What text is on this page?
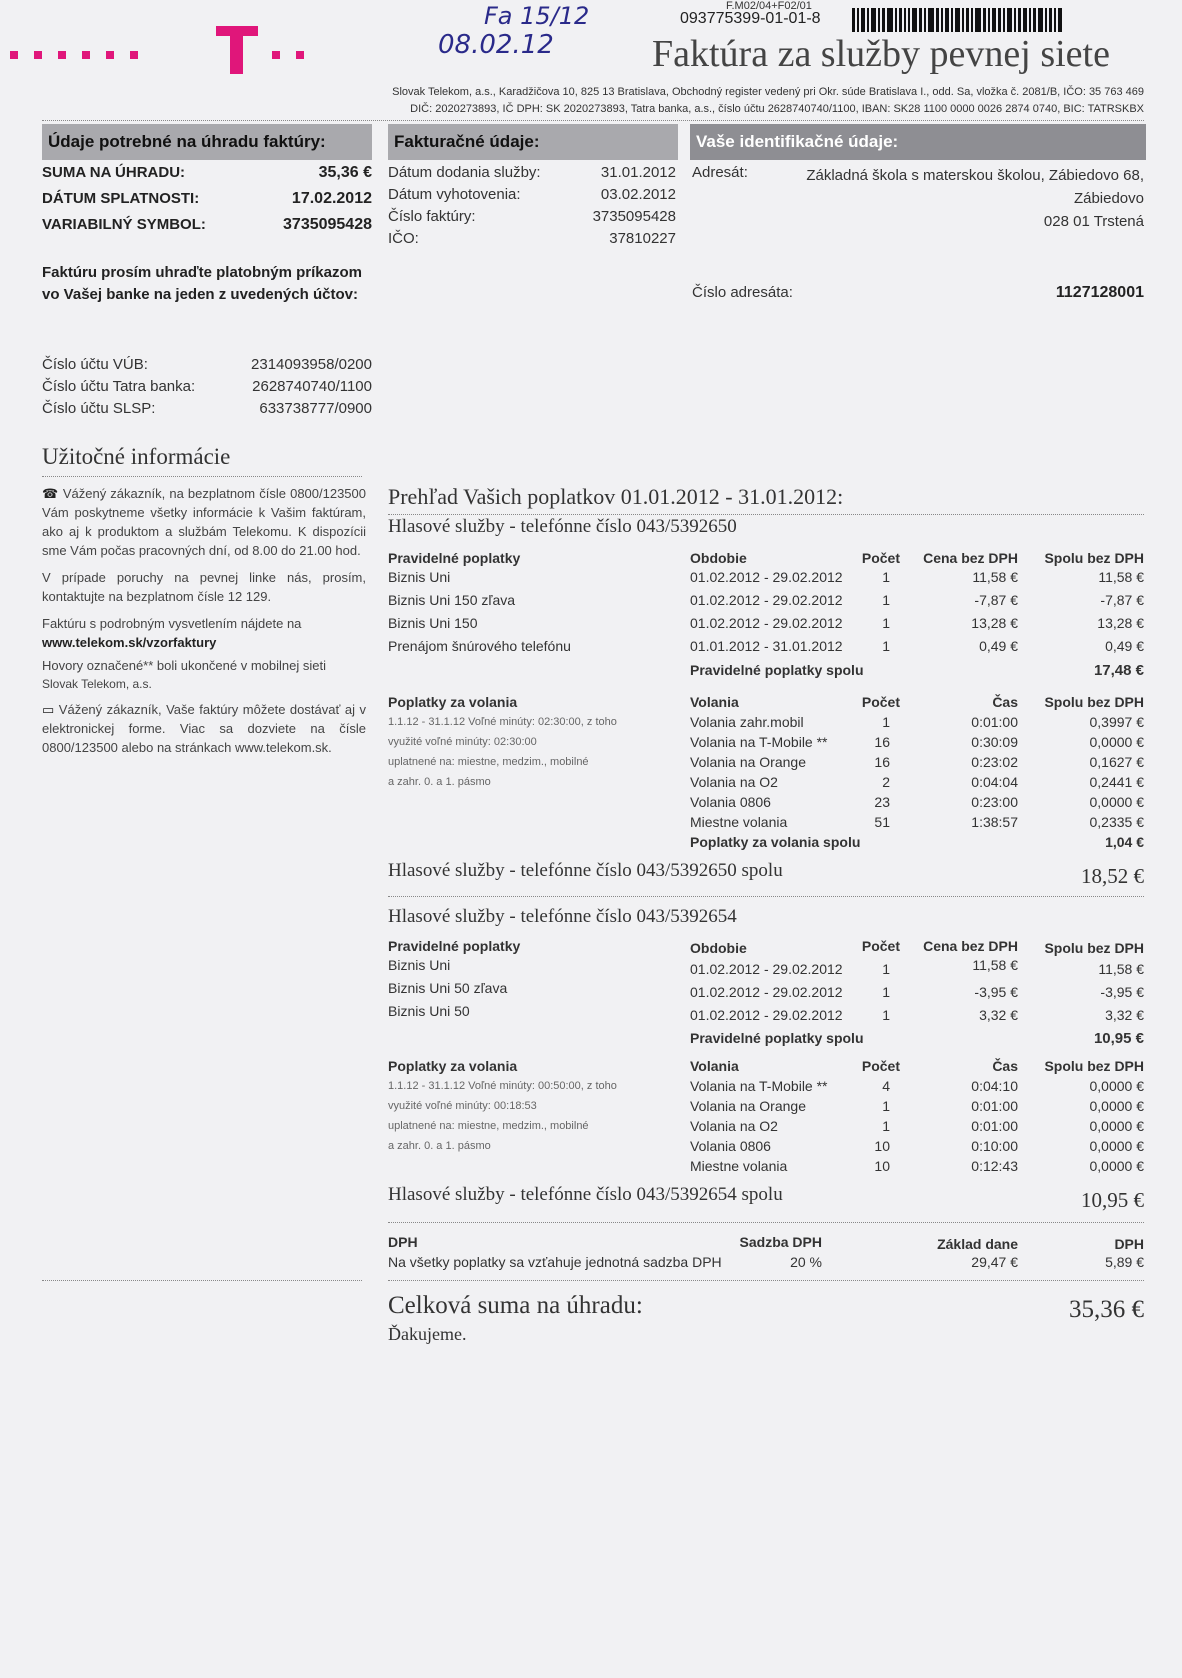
Fa 15/12
08.02.12
F.M02/04+F02/01
093775399-01-01-8
Faktúra za služby pevnej siete
Slovak Telekom, a.s., Karadžičova 10, 825 13 Bratislava, Obchodný register vedený pri Okr. súde Bratislava I., odd. Sa, vložka č. 2081/B, IČO: 35 763 469
DIČ: 2020273893, IČ DPH: SK 2020273893, Tatra banka, a.s., číslo účtu 2628740740/1100, IBAN: SK28 1100 0000 0026 2874 0740, BIC: TATRSKBX
Údaje potrebné na úhradu faktúry:	Fakturačné údaje:	Vaše identifikačné údaje:
SUMA NA ÚHRADU:	35,36 €
DÁTUM SPLATNOSTI:	17.02.2012
VARIABILNÝ SYMBOL:	3735095428
Faktúru prosím uhraďte platobným príkazom vo Vašej banke na jeden z uvedených účtov:
Číslo účtu VÚB:	2314093958/0200
Číslo účtu Tatra banka:	2628740740/1100
Číslo účtu SLSP:	633738777/0900
Dátum dodania služby:	31.01.2012
Dátum vyhotovenia:	03.02.2012
Číslo faktúry:	3735095428
IČO:	37810227
Adresát:	Základná škola s materskou školou, Zábiedovo 68,
Zábiedovo
028 01 Trstená
Číslo adresáta:	1127128001
Užitočné informácie
☎ Vážený zákazník, na bezplatnom čísle 0800/123500 Vám poskytneme všetky informácie k Vašim faktúram, ako aj k produktom a službám Telekomu. K dispozícii sme Vám počas pracovných dní, od 8.00 do 21.00 hod.
V prípade poruchy na pevnej linke nás, prosím, kontaktujte na bezplatnom čísle 12 129.
Faktúru s podrobným vysvetlením nájdete na
www.telekom.sk/vzorfaktury
Hovory označené** boli ukončené v mobilnej sieti
Slovak Telekom, a.s.
▭ Vážený zákazník, Vaše faktúry môžete dostávať aj v elektronickej forme. Viac sa dozviete na čísle 0800/123500 alebo na stránkach www.telekom.sk.
Prehľad Vašich poplatkov 01.01.2012 - 31.01.2012:
Hlasové služby - telefónne číslo 043/5392650
Pravidelné poplatky	Obdobie	Počet Cena bez DPH Spolu bez DPH
Biznis Uni	01.02.2012 - 29.02.2012	1	11,58 €	11,58 €
Biznis Uni 150 zľava	01.02.2012 - 29.02.2012	1	-7,87 €	-7,87 €
Biznis Uni 150	01.02.2012 - 29.02.2012	1	13,28 €	13,28 €
Prenájom šnúrového telefónu	01.01.2012 - 31.01.2012	1	0,49 €	0,49 €
Pravidelné poplatky spolu	17,48 €
Poplatky za volania	Volania	Počet	Čas Spolu bez DPH
1.1.12 - 31.1.12 Voľné minúty: 02:30:00, z toho
využité voľné minúty: 02:30:00
uplatnené na: miestne, medzim., mobilné
a zahr. 0. a 1. pásmo
Volania zahr.mobil	1	0:01:00	0,3997 €
Volania na T-Mobile **	16	0:30:09	0,0000 €
Volania na Orange	16	0:23:02	0,1627 €
Volania na O2	2	0:04:04	0,2441 €
Volania 0806	23	0:23:00	0,0000 €
Miestne volania	51	1:38:57	0,2335 €
Poplatky za volania spolu	1,04 €
Hlasové služby - telefónne číslo 043/5392650 spolu	18,52 €
Hlasové služby - telefónne číslo 043/5392654
Pravidelné poplatky	Obdobie	Počet Cena bez DPH Spolu bez DPH
Biznis Uni	01.02.2012 - 29.02.2012	1	11,58 €	11,58 €
Biznis Uni 50 zľava	01.02.2012 - 29.02.2012	1	-3,95 €	-3,95 €
Biznis Uni 50	01.02.2012 - 29.02.2012	1	3,32 €	3,32 €
Pravidelné poplatky spolu	10,95 €
Poplatky za volania	Volania	Počet	Čas Spolu bez DPH
1.1.12 - 31.1.12 Voľné minúty: 00:50:00, z toho
využité voľné minúty: 00:18:53
uplatnené na: miestne, medzim., mobilné
a zahr. 0. a 1. pásmo
Volania na T-Mobile **	4	0:04:10	0,0000 €
Volania na Orange	1	0:01:00	0,0000 €
Volania na O2	1	0:01:00	0,0000 €
Volania 0806	10	0:10:00	0,0000 €
Miestne volania	10	0:12:43	0,0000 €
Hlasové služby - telefónne číslo 043/5392654 spolu	10,95 €
DPH	Sadzba DPH	Základ dane	DPH
Na všetky poplatky sa vzťahuje jednotná sadzba DPH	20 %	29,47 €	5,89 €
Celková suma na úhradu:	35,36 €
Ďakujeme.
